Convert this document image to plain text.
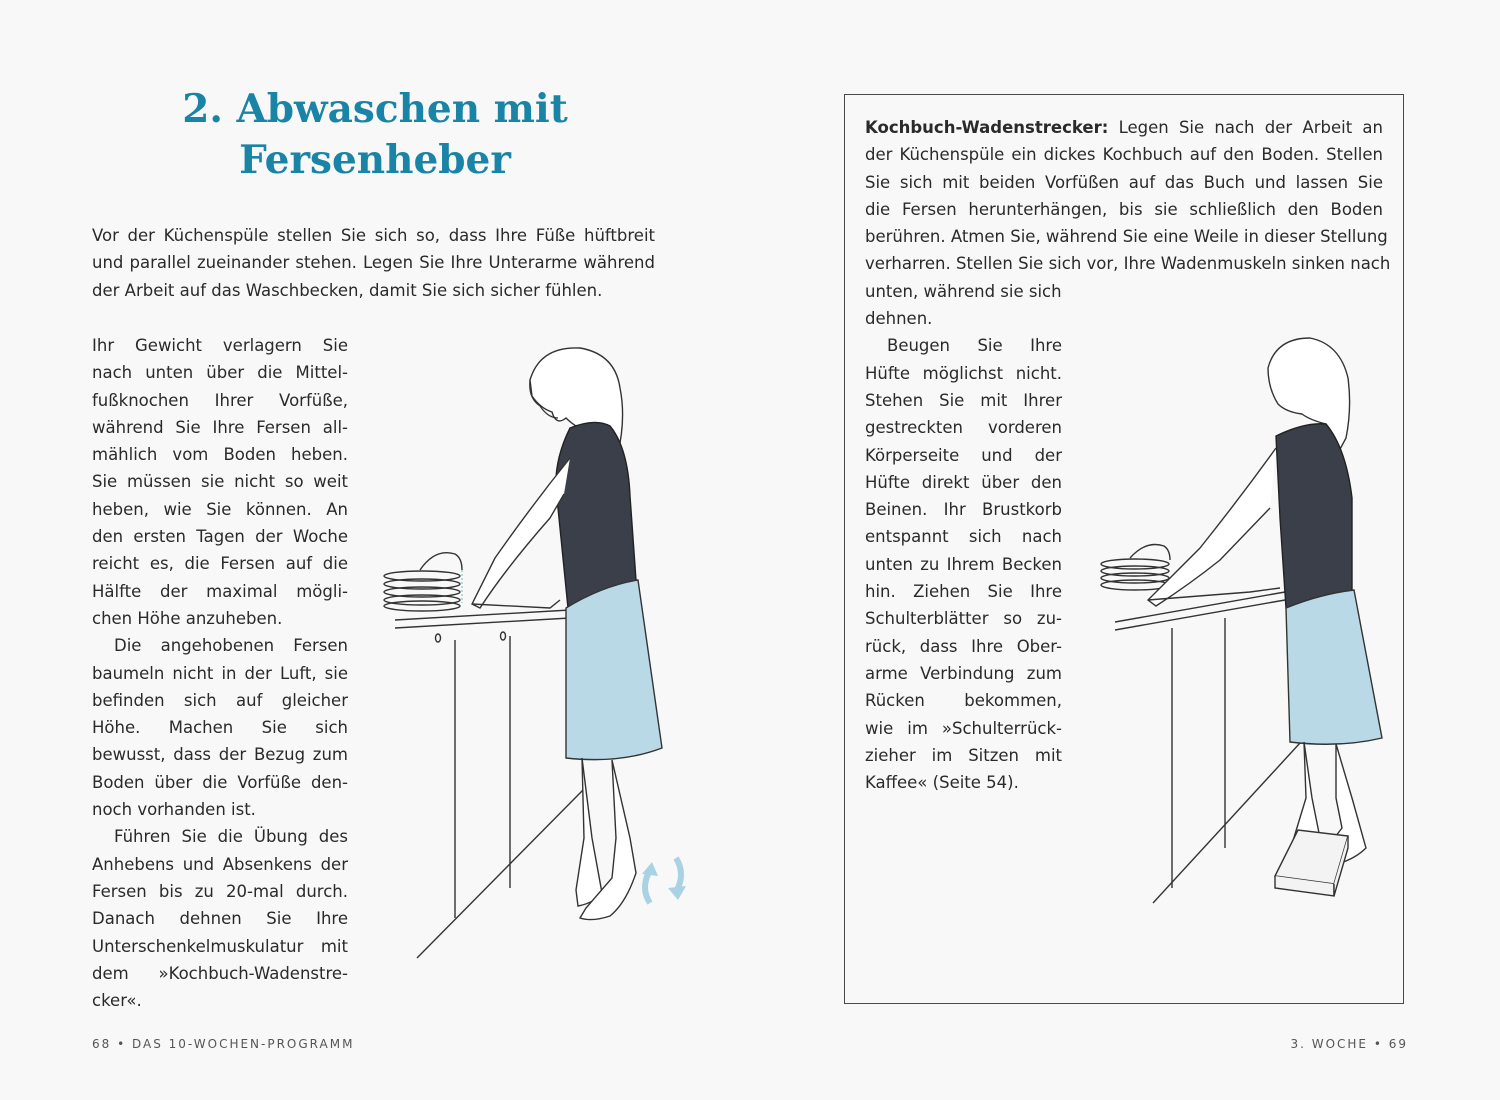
2. Abwaschen mit
Fersenheber
Vor der Küchenspüle stellen Sie sich so, dass Ihre Füße hüftbreit
und parallel zueinander stehen. Legen Sie Ihre Unterarme während
der Arbeit auf das Waschbecken, damit Sie sich sicher fühlen.
Ihr Gewicht verlagern Sie
nach unten über die Mittel-
fußknochen Ihrer Vorfüße,
während Sie Ihre Fersen all-
mählich vom Boden heben.
Sie müssen sie nicht so weit
heben, wie Sie können. An
den ersten Tagen der Woche
reicht es, die Fersen auf die
Hälfte der maximal mögli-
chen Höhe anzuheben.
Die angehobenen Fersen
baumeln nicht in der Luft, sie
befinden sich auf gleicher
Höhe. Machen Sie sich
bewusst, dass der Bezug zum
Boden über die Vorfüße den-
noch vorhanden ist.
Führen Sie die Übung des
Anhebens und Absenkens der
Fersen bis zu 20-mal durch.
Danach dehnen Sie Ihre
Unterschenkelmuskulatur mit
dem »Kochbuch-Wadenstre-
cker«.
Kochbuch-Wadenstrecker: Legen Sie nach der Arbeit an
der Küchenspüle ein dickes Kochbuch auf den Boden. Stellen
Sie sich mit beiden Vorfüßen auf das Buch und lassen Sie
die Fersen herunterhängen, bis sie schließlich den Boden
berühren. Atmen Sie, während Sie eine Weile in dieser Stellung
verharren. Stellen Sie sich vor, Ihre Wadenmuskeln sinken nach
unten, während sie sich
dehnen.
Beugen Sie Ihre
Hüfte möglichst nicht.
Stehen Sie mit Ihrer
gestreckten vorderen
Körperseite und der
Hüfte direkt über den
Beinen. Ihr Brustkorb
entspannt sich nach
unten zu Ihrem Becken
hin. Ziehen Sie Ihre
Schulterblätter so zu-
rück, dass Ihre Ober-
arme Verbindung zum
Rücken bekommen,
wie im »Schulterrück-
zieher im Sitzen mit
Kaffee« (Seite 54).
68 • DAS 10-WOCHEN-PROGRAMM	3. WOCHE • 69
